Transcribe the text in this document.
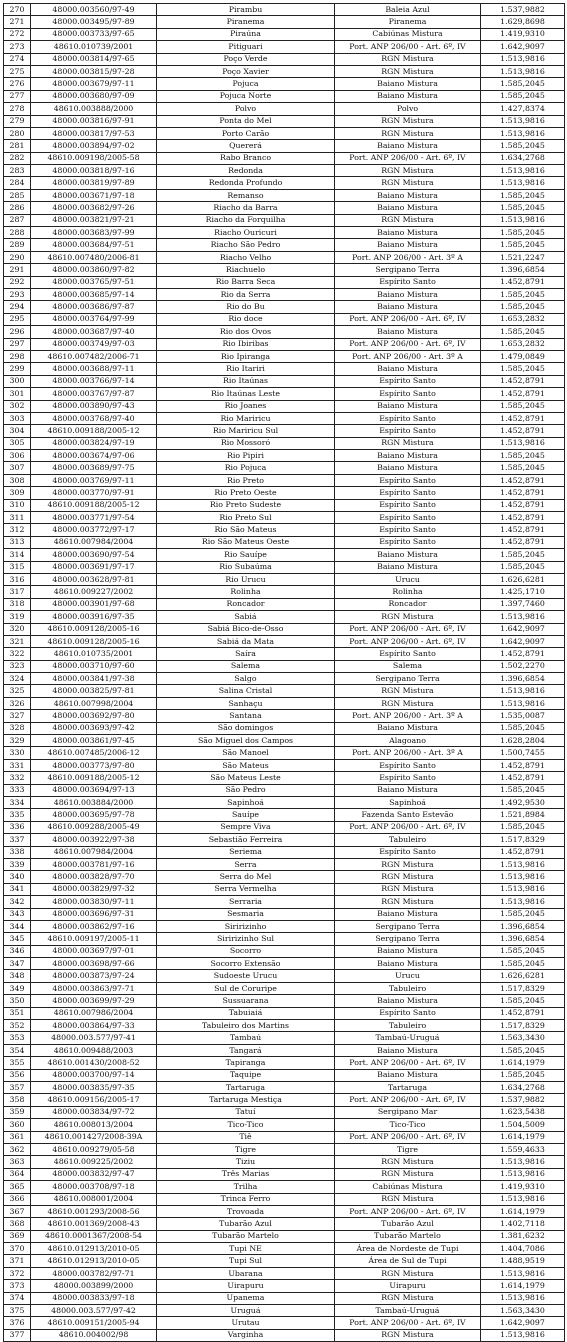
270	48000.003560/97-49	Pirambu	Baleia Azul	1.537,9882
271	48000.003495/97-89	Piranema	Piranema	1.629,8698
272	48000.003733/97-65	Piraúna	Cabiúnas Mistura	1.419,9310
273	48610.010739/2001	Pitiguari	Port. ANP 206/00 - Art. 6º, IV	1.642,9097
274	48000.003814/97-65	Poço Verde	RGN Mistura	1.513,9816
275	48000.003815/97-28	Poço Xavier	RGN Mistura	1.513,9816
276	48000.003679/97-11	Pojuca	Baiano Mistura	1.585,2045
277	48000.003680/97-09	Pojuca Norte	Baiano Mistura	1.585,2045
278	48610.003888/2000	Polvo	Polvo	1.427,8374
279	48000.003816/97-91	Ponta do Mel	RGN Mistura	1.513,9816
280	48000.003817/97-53	Porto Carão	RGN Mistura	1.513,9816
281	48000.003894/97-02	Quererá	Baiano Mistura	1.585,2045
282	48610.009198/2005-58	Rabo Branco	Port. ANP 206/00 - Art. 6º, IV	1.634,2768
283	48000.003818/97-16	Redonda	RGN Mistura	1.513,9816
284	48000.003819/97-89	Redonda Profundo	RGN Mistura	1.513,9816
285	48000.003671/97-18	Remanso	Baiano Mistura	1.585,2045
286	48000.003682/97-26	Riacho da Barra	Baiano Mistura	1.585,2045
287	48000.003821/97-21	Riacho da Forquilha	RGN Mistura	1.513,9816
288	48000.003683/97-99	Riacho Ouricuri	Baiano Mistura	1.585,2045
289	48000.003684/97-51	Riacho São Pedro	Baiano Mistura	1.585,2045
290	48610.007480/2006-81	Riacho Velho	Port. ANP 206/00 - Art. 3º A	1.521,2247
291	48000.003860/97-82	Riachuelo	Sergipano Terra	1.396,6854
292	48000.003765/97-51	Rio Barra Seca	Espírito Santo	1.452,8791
293	48000.003685/97-14	Rio da Serra	Baiano Mistura	1.585,2045
294	48000.003686/97-87	Rio do Bu	Baiano Mistura	1.585,2045
295	48000.003764/97-99	Rio doce	Port. ANP 206/00 - Art. 6º, IV	1.653,2832
296	48000.003687/97-40	Rio dos Ovos	Baiano Mistura	1.585,2045
297	48000.003749/97-03	Rio Ibiribas	Port. ANP 206/00 - Art. 6º, IV	1.653,2832
298	48610.007482/2006-71	Rio Ipiranga	Port. ANP 206/00 - Art. 3º A	1.479,0849
299	48000.003688/97-11	Rio Itariri	Baiano Mistura	1.585,2045
300	48000.003766/97-14	Rio Itaúnas	Espírito Santo	1.452,8791
301	48000.003767/97-87	Rio Itaúnas Leste	Espírito Santo	1.452,8791
302	48000.003890/97-43	Rio Joanes	Baiano Mistura	1.585,2045
303	48000.003768/97-40	Rio Mariricu	Espírito Santo	1.452,8791
304	48610.009188/2005-12	Rio Mariricu Sul	Espírito Santo	1.452,8791
305	48000.003824/97-19	Rio Mossoró	RGN Mistura	1.513,9816
306	48000.003674/97-06	Rio Pipiri	Baiano Mistura	1.585,2045
307	48000.003689/97-75	Rio Pojuca	Baiano Mistura	1.585,2045
308	48000.003769/97-11	Rio Preto	Espírito Santo	1.452,8791
309	48000.003770/97-91	Rio Preto Oeste	Espírito Santo	1.452,8791
310	48610.009188/2005-12	Rio Preto Sudeste	Espírito Santo	1.452,8791
311	48000.003771/97-54	Rio Preto Sul	Espírito Santo	1.452,8791
312	48000.003772/97-17	Rio São Mateus	Espírito Santo	1.452,8791
313	48610.007984/2004	Rio São Mateus Oeste	Espírito Santo	1.452,8791
314	48000.003690/97-54	Rio Sauípe	Baiano Mistura	1.585,2045
315	48000.003691/97-17	Rio Subaúma	Baiano Mistura	1.585,2045
316	48000.003628/97-81	Rio Urucu	Urucu	1.626,6281
317	48610.009227/2002	Rolinha	Rolinha	1.425,1710
318	48000.003901/97-68	Roncador	Roncador	1.397,7460
319	48000.003916/97-35	Sabiá	RGN Mistura	1.513,9816
320	48610.009128/2005-16	Sabiá Bico-de-Osso	Port. ANP 206/00 - Art. 6º, IV	1.642,9097
321	48610.009128/2005-16	Sabiá da Mata	Port. ANP 206/00 - Art. 6º, IV	1.642,9097
322	48610.010735/2001	Saíra	Espírito Santo	1.452,8791
323	48000.003710/97-60	Salema	Salema	1.502,2270
324	48000.003841/97-38	Salgo	Sergipano Terra	1.396,6854
325	48000.003825/97-81	Salina Cristal	RGN Mistura	1.513,9816
326	48610.007998/2004	Sanhaçu	RGN Mistura	1.513,9816
327	48000.003692/97-80	Santana	Port. ANP 206/00 - Art. 3º A	1.535,0087
328	48000.003693/97-42	São domingos	Baiano Mistura	1.585,2045
329	48000.003861/97-45	São Miguel dos Campos	Alagoano	1.628,2804
330	48610.007485/2006-12	São Manoel	Port. ANP 206/00 - Art. 3º A	1.500,7455
331	48000.003773/97-80	São Mateus	Espírito Santo	1.452,8791
332	48610.009188/2005-12	São Mateus Leste	Espírito Santo	1.452,8791
333	48000.003694/97-13	São Pedro	Baiano Mistura	1.585,2045
334	48610.003884/2000	Sapinhoá	Sapinhoá	1.492,9530
335	48000.003695/97-78	Sauípe	Fazenda Santo Estevão	1.521,8984
336	48610.009288/2005-49	Sempre Viva	Port. ANP 206/00 - Art. 6º, IV	1.585,2045
337	48000.003922/97-38	Sebastião Ferreira	Tabuleiro	1.517,8329
338	48610.007984/2004	Seriema	Espírito Santo	1.452,8791
339	48000.003781/97-16	Serra	RGN Mistura	1.513,9816
340	48000.003828/97-70	Serra do Mel	RGN Mistura	1.513,9816
341	48000.003829/97-32	Serra Vermelha	RGN Mistura	1.513,9816
342	48000.003830/97-11	Serraria	RGN Mistura	1.513,9816
343	48000.003696/97-31	Sesmaria	Baiano Mistura	1.585,2045
344	48000.003862/97-16	Siririzinho	Sergipano Terra	1.396,6854
345	48610.009197/2005-11	Siririzinho Sul	Sergipano Terra	1.396,6854
346	48000.003697/97-01	Socorro	Baiano Mistura	1.585,2045
347	48000.003698/97-66	Socorro Extensão	Baiano Mistura	1.585,2045
348	48000.003873/97-24	Sudoeste Urucu	Urucu	1.626,6281
349	48000.003863/97-71	Sul de Coruripe	Tabuleiro	1.517,8329
350	48000.003699/97-29	Sussuarana	Baiano Mistura	1.585,2045
351	48610.007986/2004	Tabuiaiá	Espírito Santo	1.452,8791
352	48000.003864/97-33	Tabuleiro dos Martins	Tabuleiro	1.517,8329
353	48000.003.577/97-41	Tambaú	Tambaú-Uruguá	1.563,3430
354	48610.009488/2003	Tangará	Baiano Mistura	1.585,2045
355	48610.001430/2008-52	Tapiranga	Port. ANP 206/00 - Art. 6º, IV	1.614,1979
356	48000.003700/97-14	Taquipe	Baiano Mistura	1.585,2045
357	48000.003835/97-35	Tartaruga	Tartaruga	1.634,2768
358	48610.009156/2005-17	Tartaruga Mestiça	Port. ANP 206/00 - Art. 6º, IV	1.537,9882
359	48000.003834/97-72	Tatuí	Sergipano Mar	1.623,5438
360	48610.008013/2004	Tico-Tico	Tico-Tico	1.504,5009
361	48610.001427/2008-39A	Tiê	Port. ANP 206/00 - Art. 6º, IV	1.614,1979
362	48610.009279/05-58	Tigre	Tigre	1.559,4633
363	48610.009225/2002	Tiziu	RGN Mistura	1.513,9816
364	48000.003832/97-47	Três Marias	RGN Mistura	1.513,9816
365	48000.003708/97-18	Trilha	Cabiúnas Mistura	1.419,9310
366	48610.008001/2004	Trinca Ferro	RGN Mistura	1.513,9816
367	48610.001293/2008-56	Trovoada	Port. ANP 206/00 - Art. 6º, IV	1.614,1979
368	48610.001369/2008-43	Tubarão Azul	Tubarão Azul	1.402,7118
369	48610.0001367/2008-54	Tubarão Martelo	Tubarão Martelo	1.381,6232
370	48610.012913/2010-05	Tupi NE	Área de Nordeste de Tupi	1.404,7086
371	48610.012913/2010-05	Tupi Sul	Área de Sul de Tupi	1.488,9519
372	48000.003782/97-71	Ubarana	RGN Mistura	1.513,9816
373	48000.003899/2000	Uirapuru	Uirapuru	1.614,1979
374	48000.003833/97-18	Upanema	RGN Mistura	1.513,9816
375	48000.003.577/97-42	Uruguá	Tambaú-Uruguá	1.563,3430
376	48610.009151/2005-94	Urutau	Port. ANP 206/00 - Art. 6º, IV	1.642,9097
377	48610.004002/98	Varginha	RGN Mistura	1.513,9816
